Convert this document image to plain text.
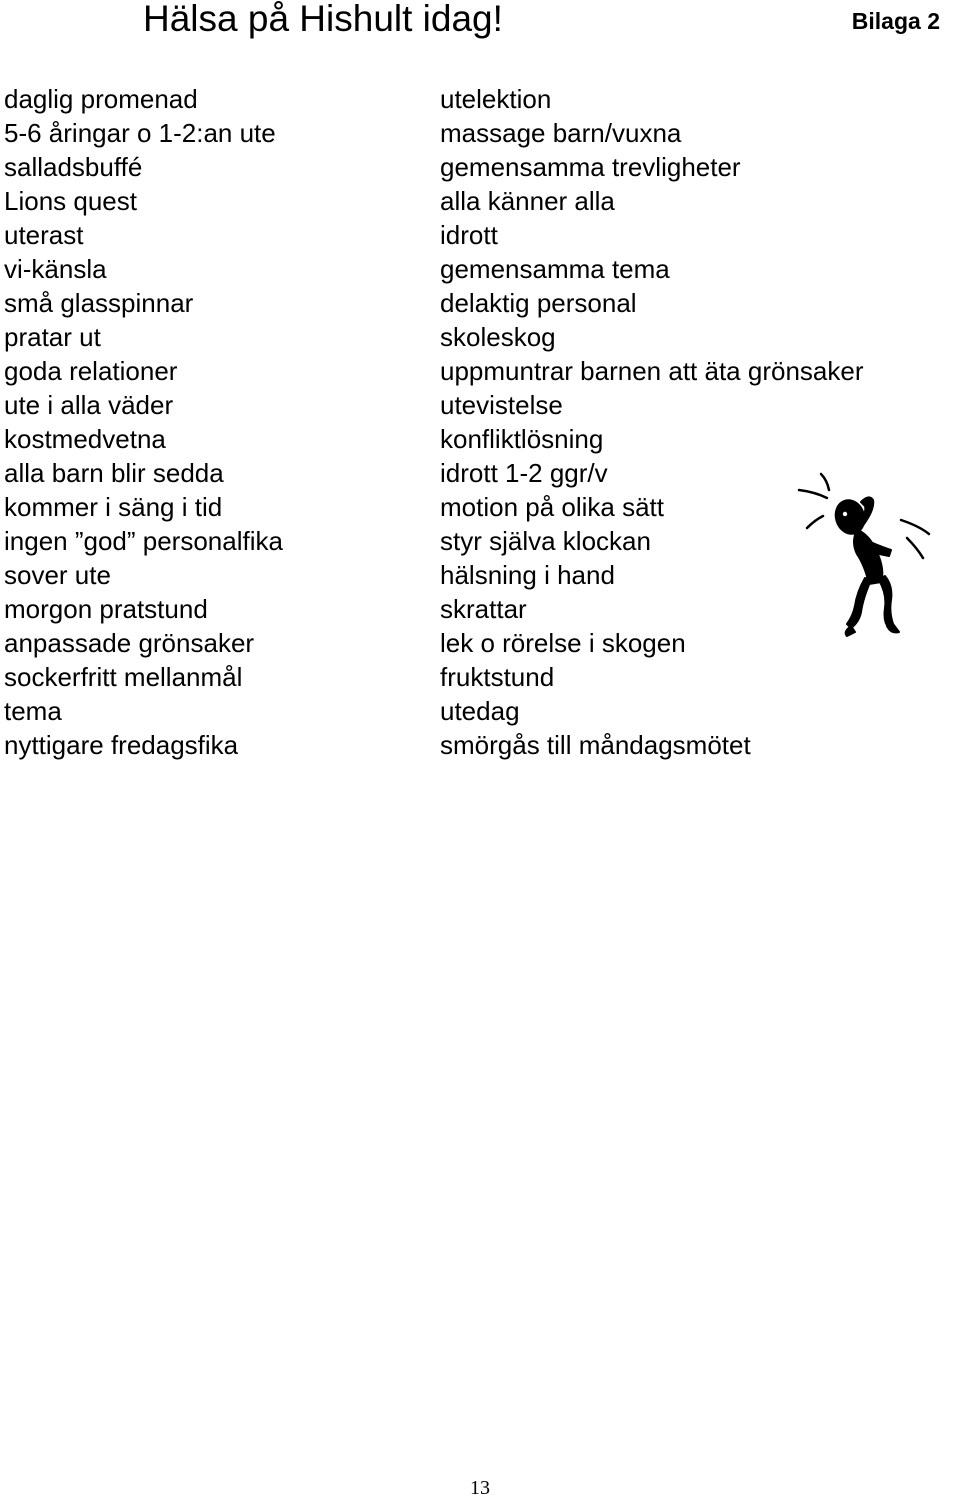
Hälsa på Hishult idag!	Bilaga 2
daglig promenad
5-6 åringar o 1-2:an ute
salladsbuffé
Lions quest
uterast
vi-känsla
små glasspinnar
pratar ut
goda relationer
ute i alla väder
kostmedvetna
alla barn blir sedda
kommer i säng i tid
ingen ”god” personalfika
sover ute
morgon pratstund
anpassade grönsaker
sockerfritt mellanmål
tema
nyttigare fredagsfika
utelektion
massage barn/vuxna
gemensamma trevligheter
alla känner alla
idrott
gemensamma tema
delaktig personal
skoleskog
uppmuntrar barnen att äta grönsaker
utevistelse
konfliktlösning
idrott 1-2 ggr/v
motion på olika sätt
styr själva klockan
hälsning i hand
skrattar
lek o rörelse i skogen
fruktstund
utedag
smörgås till måndagsmötet
13
